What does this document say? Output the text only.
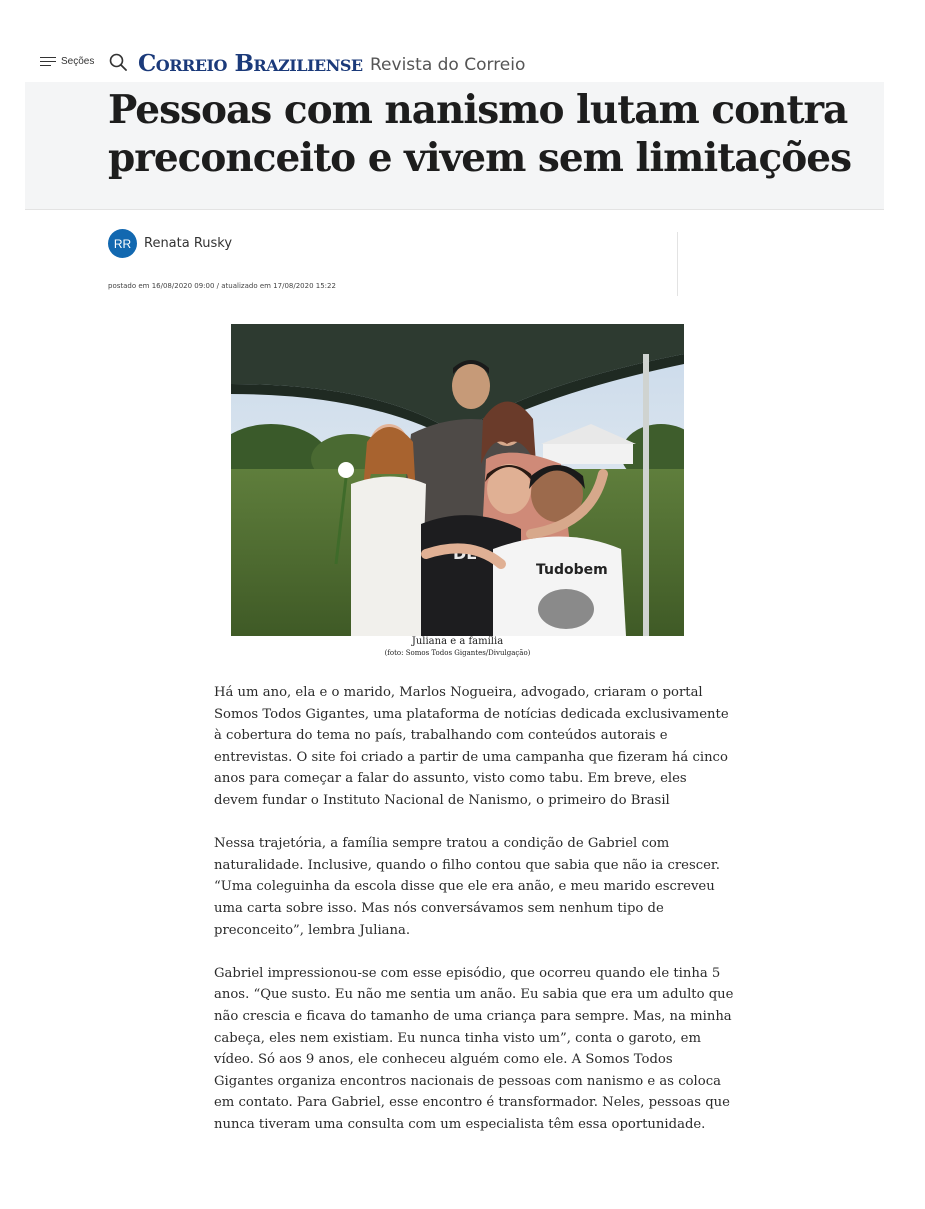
Seções Correio Braziliense Revista do Correio
Pessoas com nanismo lutam contra preconceito e vivem sem limitações
RR Renata Rusky
postado em 16/08/2020 09:00 / atualizado em 17/08/2020 15:22
DE
Tudobem
Juliana e a família
(foto: Somos Todos Gigantes/Divulgação)

Há um ano, ela e o marido, Marlos Nogueira, advogado, criaram o portal Somos Todos Gigantes, uma plataforma de notícias dedicada exclusivamente à cobertura do tema no país, trabalhando com conteúdos autorais e entrevistas. O site foi criado a partir de uma campanha que fizeram há cinco anos para começar a falar do assunto, visto como tabu. Em breve, eles devem fundar o Instituto Nacional de Nanismo, o primeiro do Brasil

Nessa trajetória, a família sempre tratou a condição de Gabriel com naturalidade. Inclusive, quando o filho contou que sabia que não ia crescer. “Uma coleguinha da escola disse que ele era anão, e meu marido escreveu uma carta sobre isso. Mas nós conversávamos sem nenhum tipo de preconceito”, lembra Juliana.

Gabriel impressionou-se com esse episódio, que ocorreu quando ele tinha 5 anos. “Que susto. Eu não me sentia um anão. Eu sabia que era um adulto que não crescia e ficava do tamanho de uma criança para sempre. Mas, na minha cabeça, eles nem existiam. Eu nunca tinha visto um”, conta o garoto, em vídeo. Só aos 9 anos, ele conheceu alguém como ele. A Somos Todos Gigantes organiza encontros nacionais de pessoas com nanismo e as coloca em contato. Para Gabriel, esse encontro é transformador. Neles, pessoas que nunca tiveram uma consulta com um especialista têm essa oportunidade.
